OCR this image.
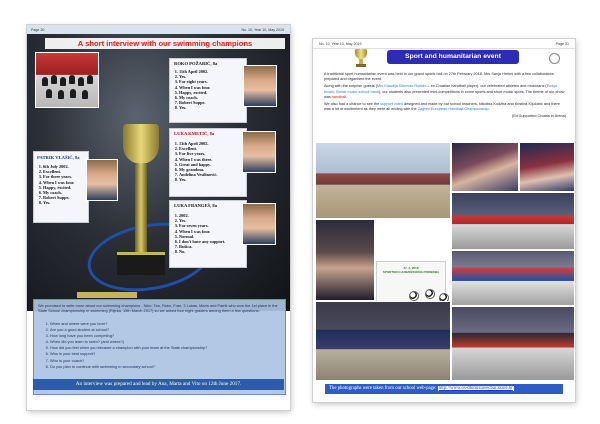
Page 30	No. 10, Year 10, May 2019
A short interview with our swimming champions
ROKO POŽARIĆ, 8a
1. 11th April 2002.
2. Yes.
3. For eight years.
4. When I was four.
5. Happy, excited.
6. My coach.
7. Robert Suppe.
8. Yes.
LUKA KMETIĆ, 8a
1. 13th April 2002.
2. Excellent.
3. For five years.
4. When I was three.
5. Great and happy.
6. My grandma.
7. Anđelina Vesilinović.
8. Yes.
PATRIK VLAŠIĆ, 8a
1. 6th July 2002.
2. Excellent.
3. For three years.
4. When I was four.
5. Happy, excited.
6. My coach.
7. Robert Suppe.
8. Yes.
LUKA FRANGEŠ, 8a
1. 2002.
2. Yes.
3. For seven years.
4. When I was four.
5. Normal.
6. I don't have any support.
7. Rušica.
8. No.
We promised to write more about our swimming champions - Niko, Tea, Roko, Fran, 3 Lukas, Marin and Patrik who won the 1st place in the State School championship in swimming (Rijeka, 15th March 2017) so we asked four eight graders among them a few questions:
1. When and where were you born?
2. Are you a good student at school?
3. How long have you been competing?
4. When did you learn to swim? (and where?)
5. How did you feel when you became a champion with your team at the State championship?
6. Who is your best support?
7. Who is your coach?
8. Do you plan to continue with swimming in secondary school?
An interview was prepared and lead by Ana, Marta and Vito on 12th June 2017.
No. 10, Year 10, May 2019	Page 31
Sport and humanitarian event

A traditional sport humanitarian event was held in our grand sports hall on 27th February 2018. Mrs Sanja Hreles with a few collaborators prepared and organised the event.

Along with the surprise guests (Mrs Klaudija Klinovac Rubido – ex-Croatian handball player), our celebrated athletes and musicians (Emlyn Iricani, Bonar music school band), our students also presented mini-competitions in some sports and short music spots. The theme of our show was handball.

We also had a chance to see the support video designed and made by our school teachers, Nikolina Kodžba and Kristina Ključarić and there was a lot of excitement as they were all ending with the Zagreb European Handball Championship.

(Ed Supported Croatia in Arena)
27. 2. 2018
SPORTSKO HUMANITARNA PRIREDBA
The photographs were taken from our school web-page: http://www.os-dtomislavecbar.skole.hr
